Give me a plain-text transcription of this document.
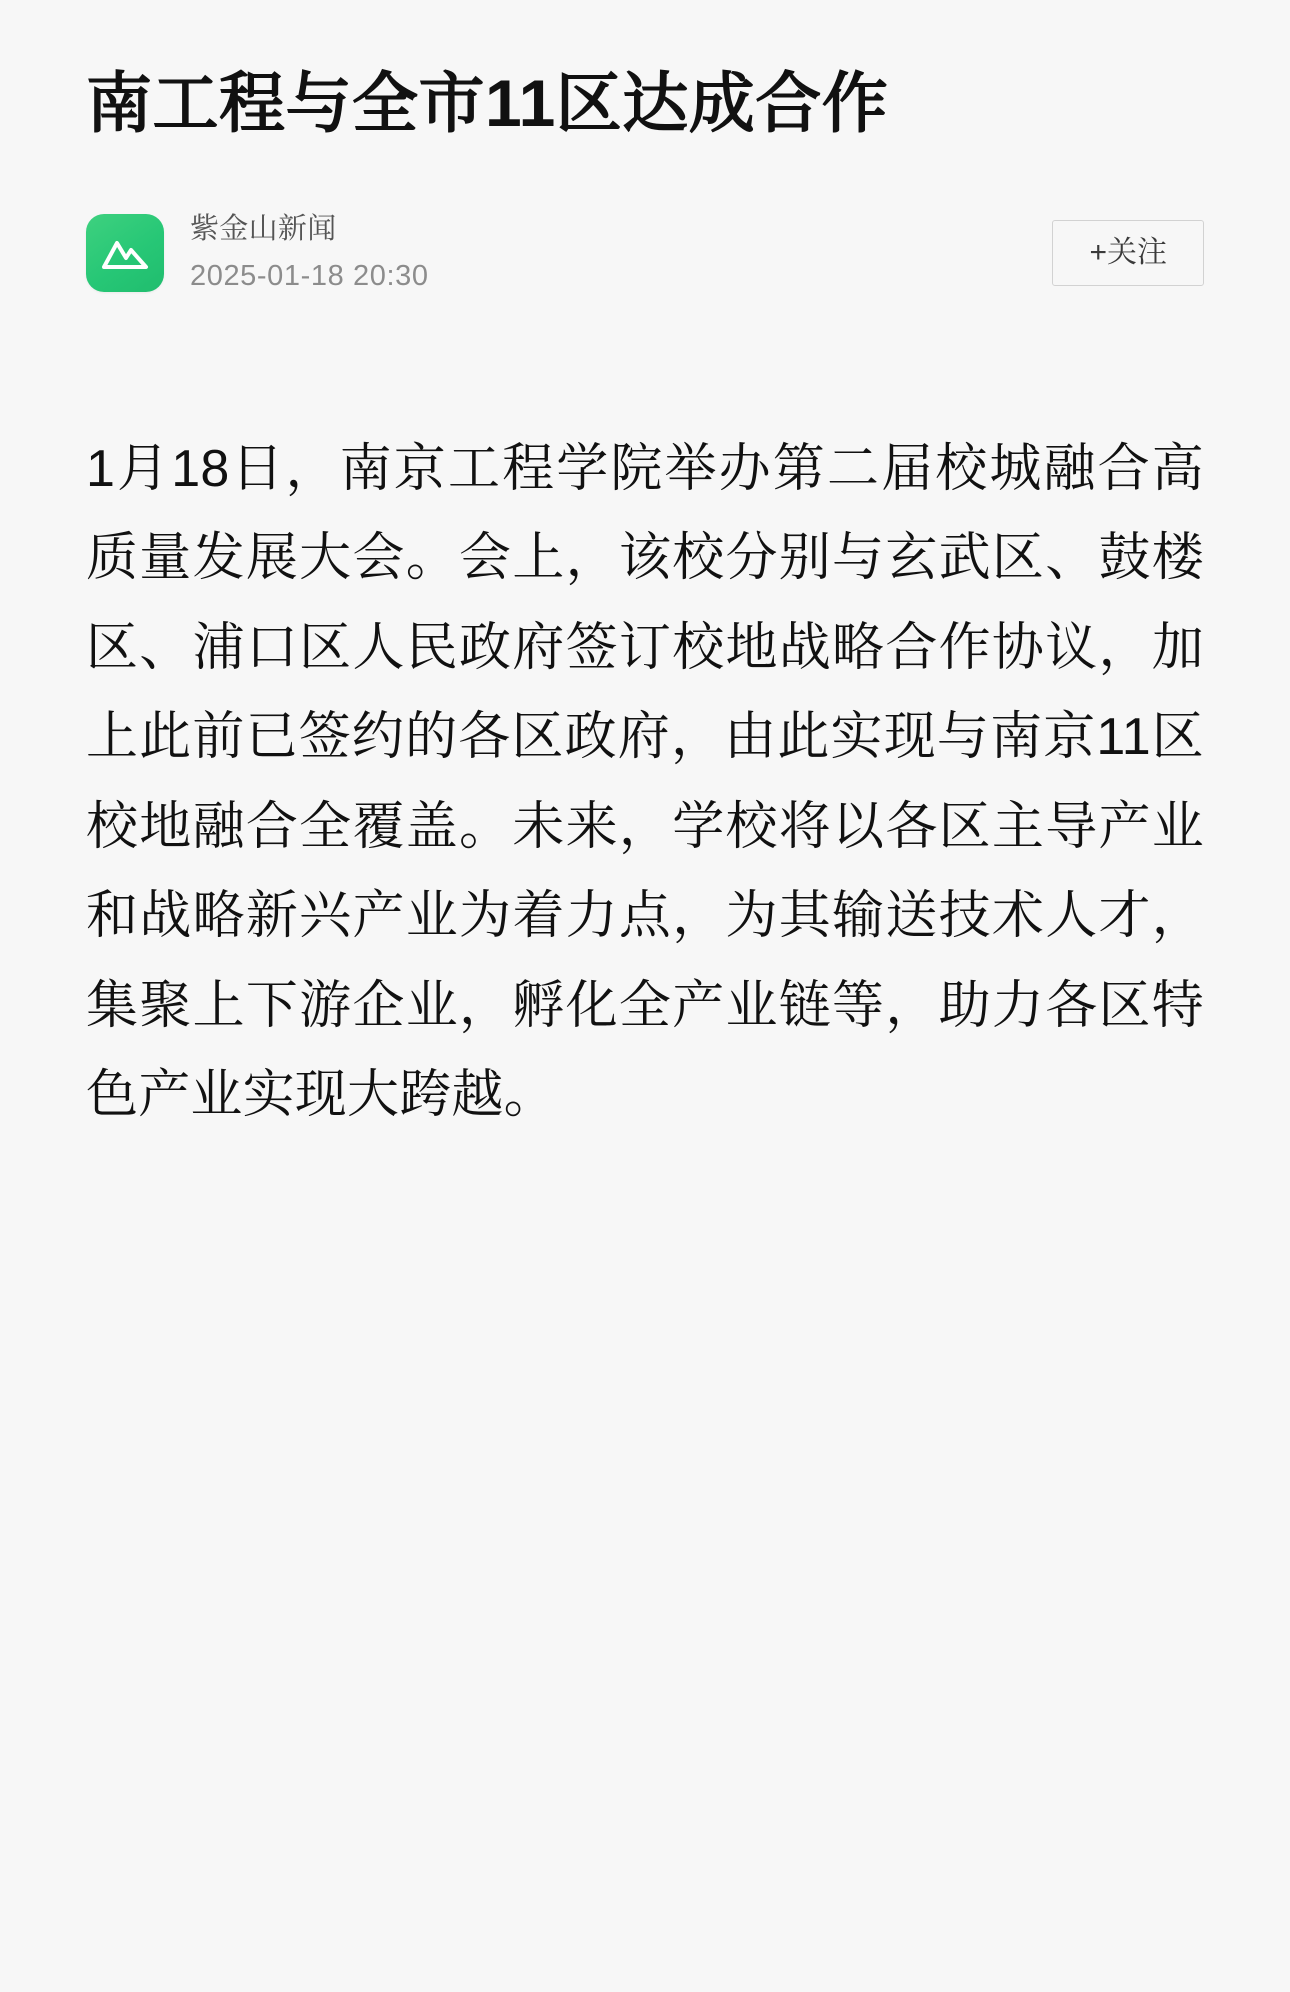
南工程与全市11区达成合作
紫金山新闻
2025-01-18 20:30
+关注

1月18日，南京工程学院举办第二届校城融合高质量发展大会。会上，该校分别与玄武区、鼓楼区、浦口区人民政府签订校地战略合作协议，加上此前已签约的各区政府，由此实现与南京11区校地融合全覆盖。未来，学校将以各区主导产业和战略新兴产业为着力点，为其输送技术人才，集聚上下游企业，孵化全产业链等，助力各区特色产业实现大跨越。
